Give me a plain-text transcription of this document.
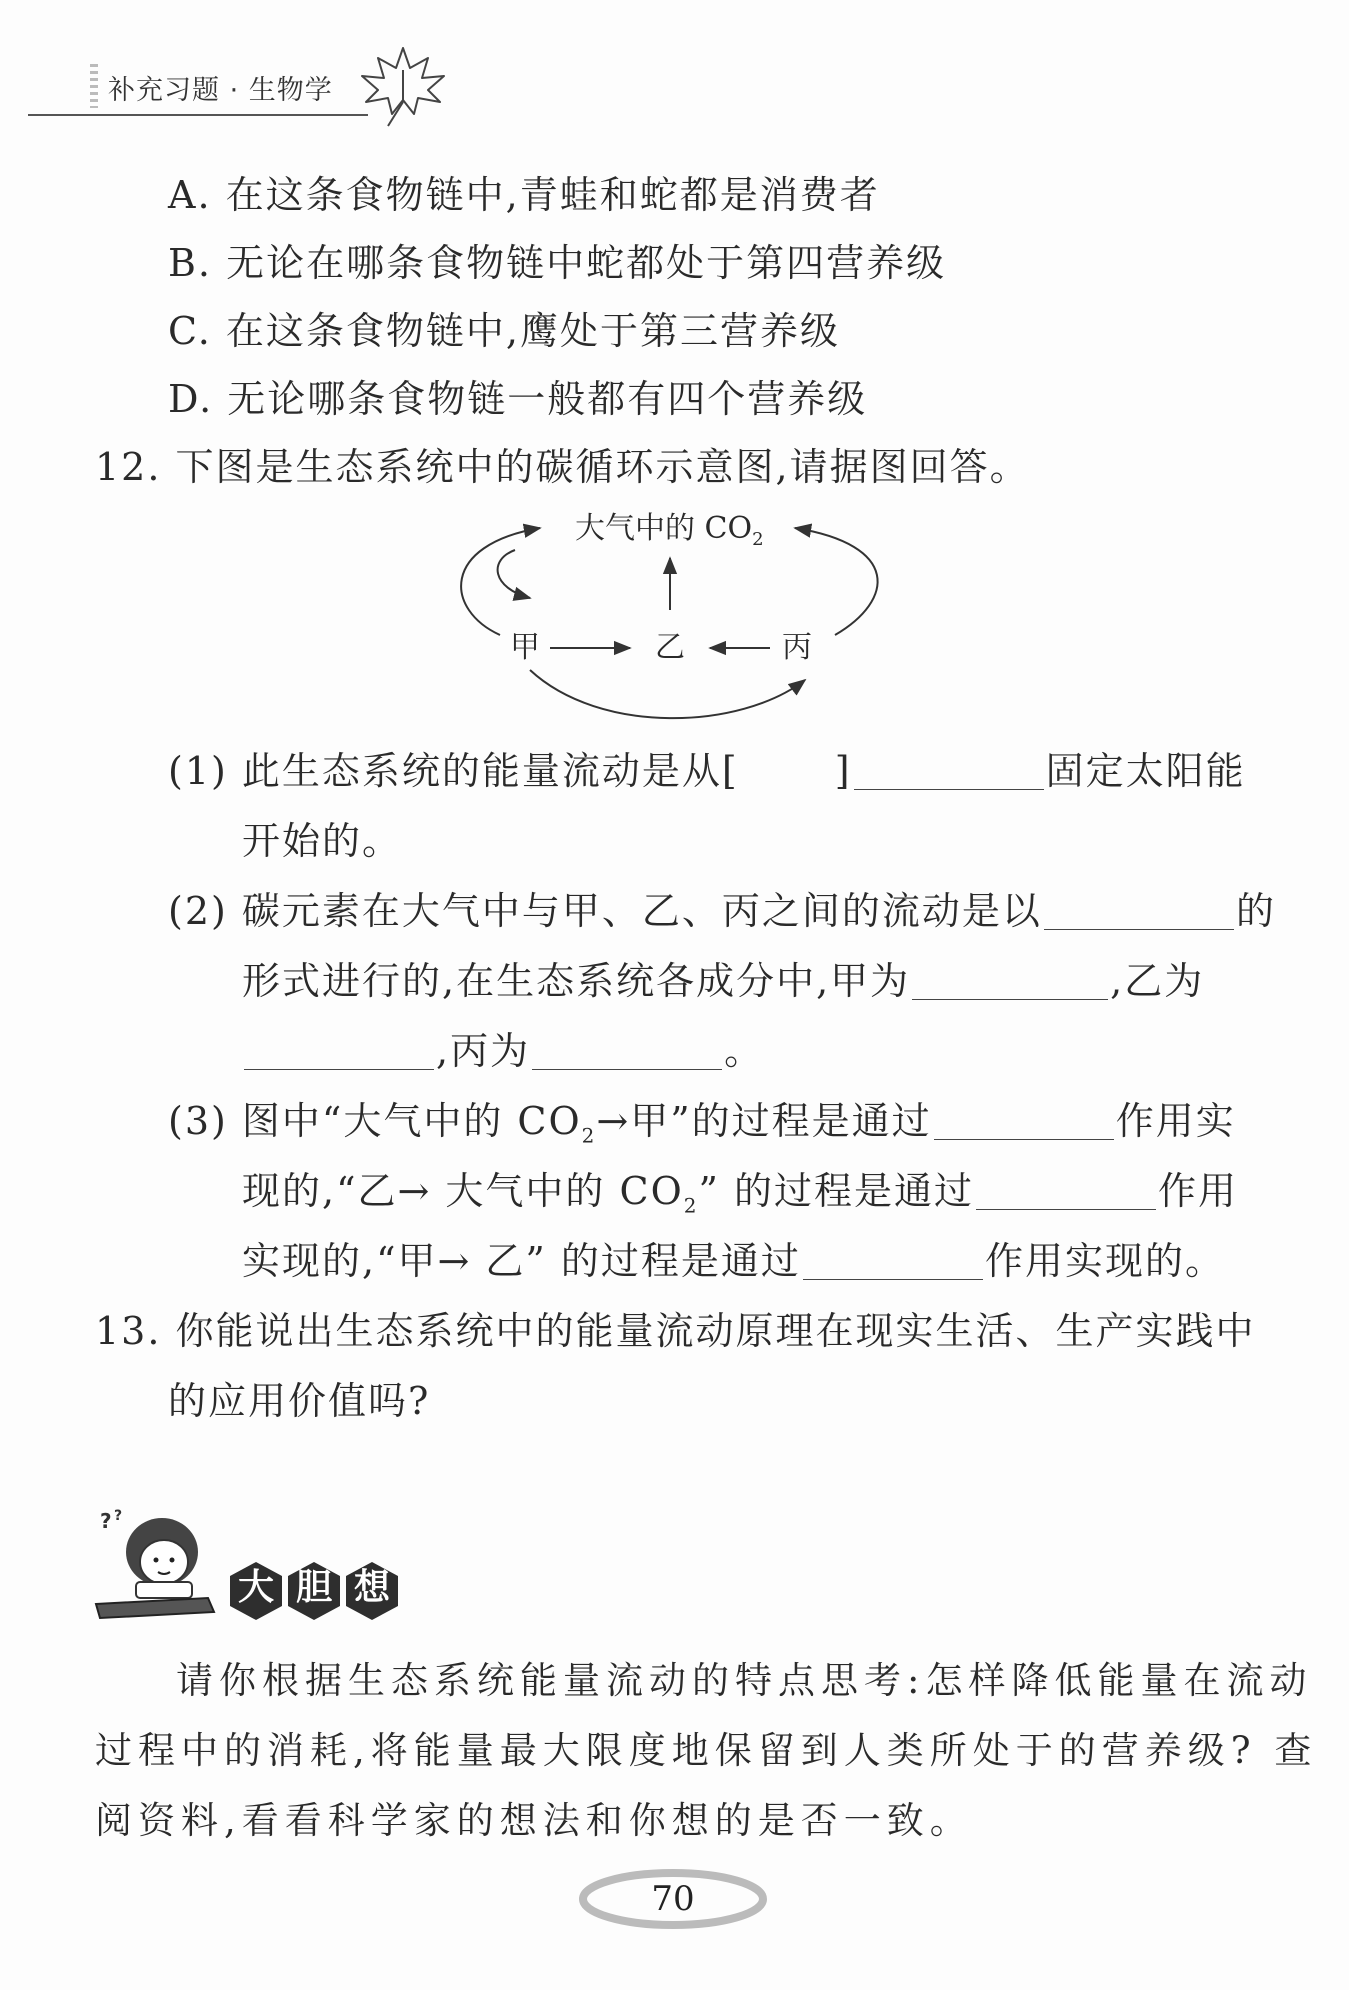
补充习题 · 生物学
A. 在这条食物链中,青蛙和蛇都是消费者
B. 无论在哪条食物链中蛇都处于第四营养级
C. 在这条食物链中,鹰处于第三营养级
D. 无论哪条食物链一般都有四个营养级
12. 下图是生态系统中的碳循环示意图,请据图回答。
大气中的 $CO_2$
甲	乙	丙
(1) 此生态系统的能量流动是从[	]	固定太阳能
开始的。
(2) 碳元素在大气中与甲、乙、丙之间的流动是以	的
形式进行的,在生态系统各成分中,甲为	,乙为
,丙为	。
(3) 图中“大气中的 $CO_2\to$甲”的过程是通过	作用实
现的,“乙→ 大气中的 $CO_2$” 的过程是通过	作用
实现的,“甲→ 乙” 的过程是通过	作用实现的。
13. 你能说出生态系统中的能量流动原理在现实生活、生产实践中
的应用价值吗?
? ?
大 胆 想
请你根据生态系统能量流动的特点思考:怎样降低能量在流动
过程中的消耗,将能量最大限度地保留到人类所处于的营养级? 查
阅资料,看看科学家的想法和你想的是否一致。
70
